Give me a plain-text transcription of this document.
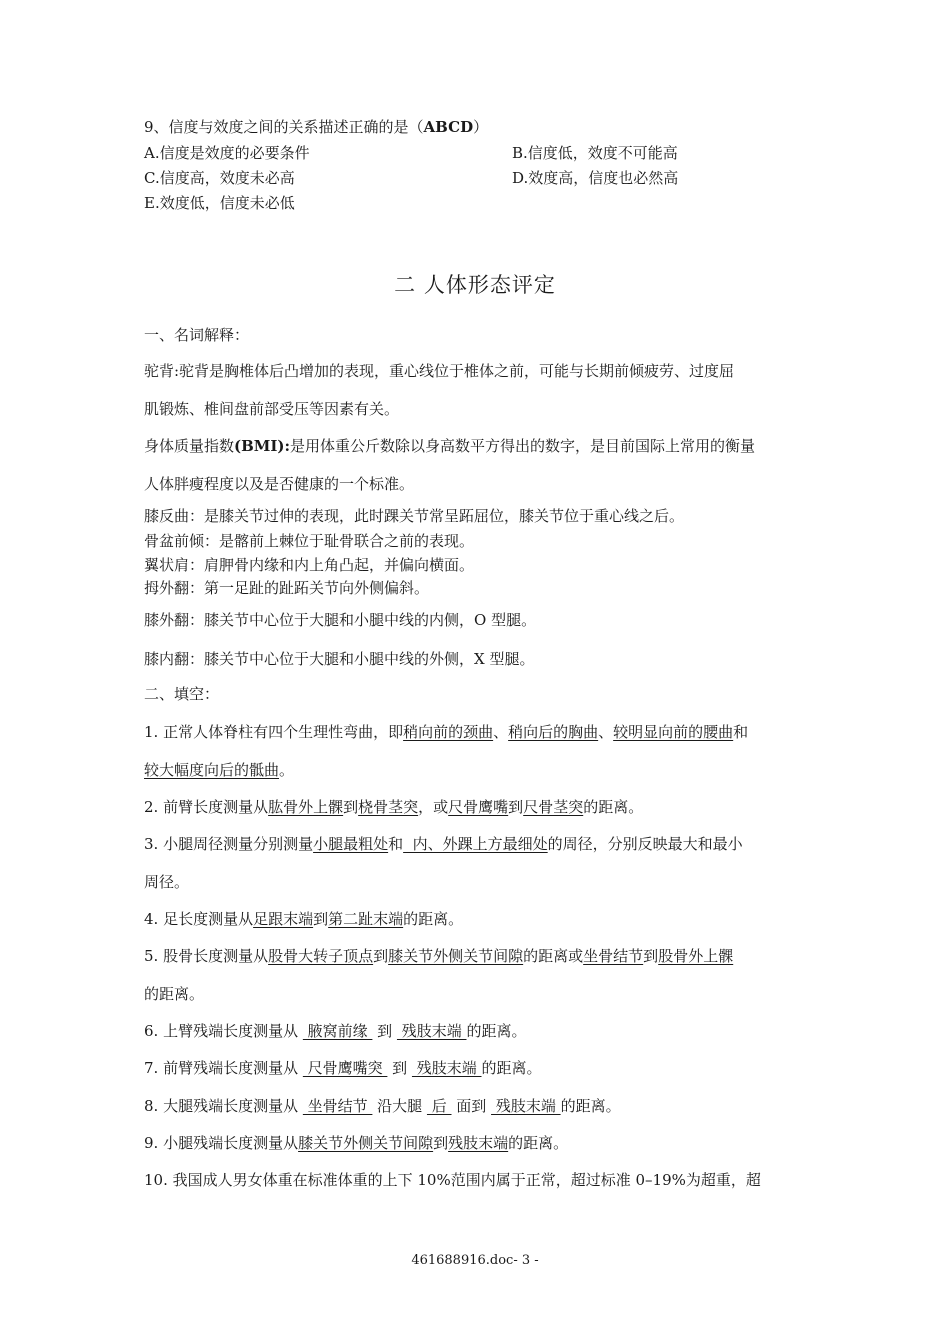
9、信度与效度之间的关系描述正确的是（ABCD）
A.信度是效度的必要条件	B.信度低，效度不可能高
C.信度高，效度未必高	D.效度高，信度也必然高
E.效度低，信度未必低
二 人体形态评定
一、名词解释：
驼背:驼背是胸椎体后凸增加的表现，重心线位于椎体之前，可能与长期前倾疲劳、过度屈
肌锻炼、椎间盘前部受压等因素有关。
身体质量指数(BMI):是用体重公斤数除以身高数平方得出的数字，是目前国际上常用的衡量
人体胖瘦程度以及是否健康的一个标准。
膝反曲：是膝关节过伸的表现，此时踝关节常呈跖屈位，膝关节位于重心线之后。
骨盆前倾：是髂前上棘位于耻骨联合之前的表现。
翼状肩：肩胛骨内缘和内上角凸起，并偏向横面。
拇外翻：第一足趾的趾跖关节向外侧偏斜。
膝外翻：膝关节中心位于大腿和小腿中线的内侧，O 型腿。
膝内翻：膝关节中心位于大腿和小腿中线的外侧，X 型腿。
二、填空：
1. 正常人体脊柱有四个生理性弯曲，即稍向前的颈曲、稍向后的胸曲、较明显向前的腰曲和
较大幅度向后的骶曲。
2. 前臂长度测量从肱骨外上髁到桡骨茎突，或尺骨鹰嘴到尺骨茎突的距离。
3. 小腿周径测量分别测量小腿最粗处和  内、外踝上方最细处的周径，分别反映最大和最小
周径。
4. 足长度测量从足跟末端到第二趾末端的距离。
5. 股骨长度测量从股骨大转子顶点到膝关节外侧关节间隙的距离或坐骨结节到股骨外上髁
的距离。
6. 上臂残端长度测量从  腋窝前缘  到  残肢末端 的距离。
7. 前臂残端长度测量从  尺骨鹰嘴突  到  残肢末端 的距离。
8. 大腿残端长度测量从  坐骨结节  沿大腿  后  面到  残肢末端 的距离。
9. 小腿残端长度测量从膝关节外侧关节间隙到残肢末端的距离。
10. 我国成人男女体重在标准体重的上下 10%范围内属于正常，超过标准 0–19%为超重，超
461688916.doc- 3 -
